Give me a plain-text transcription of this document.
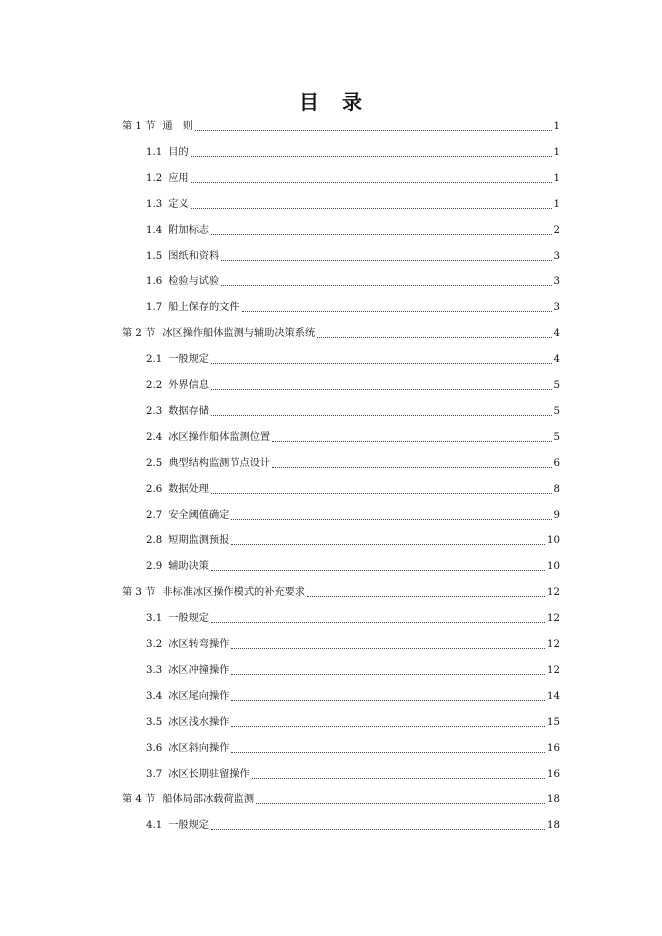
目 录
第 1 节 通　则	1
1.1 目的	1
1.2 应用	1
1.3 定义	1
1.4 附加标志	2
1.5 图纸和资料	3
1.6 检验与试验	3
1.7 船上保存的文件	3
第 2 节 冰区操作船体监测与辅助决策系统	4
2.1 一般规定	4
2.2 外界信息	5
2.3 数据存储	5
2.4 冰区操作船体监测位置	5
2.5 典型结构监测节点设计	6
2.6 数据处理	8
2.7 安全阈值确定	9
2.8 短期监测预报	10
2.9 辅助决策	10
第 3 节 非标准冰区操作模式的补充要求	12
3.1 一般规定	12
3.2 冰区转弯操作	12
3.3 冰区冲撞操作	12
3.4 冰区尾向操作	14
3.5 冰区浅水操作	15
3.6 冰区斜向操作	16
3.7 冰区长期驻留操作	16
第 4 节 船体局部冰载荷监测	18
4.1 一般规定	18
